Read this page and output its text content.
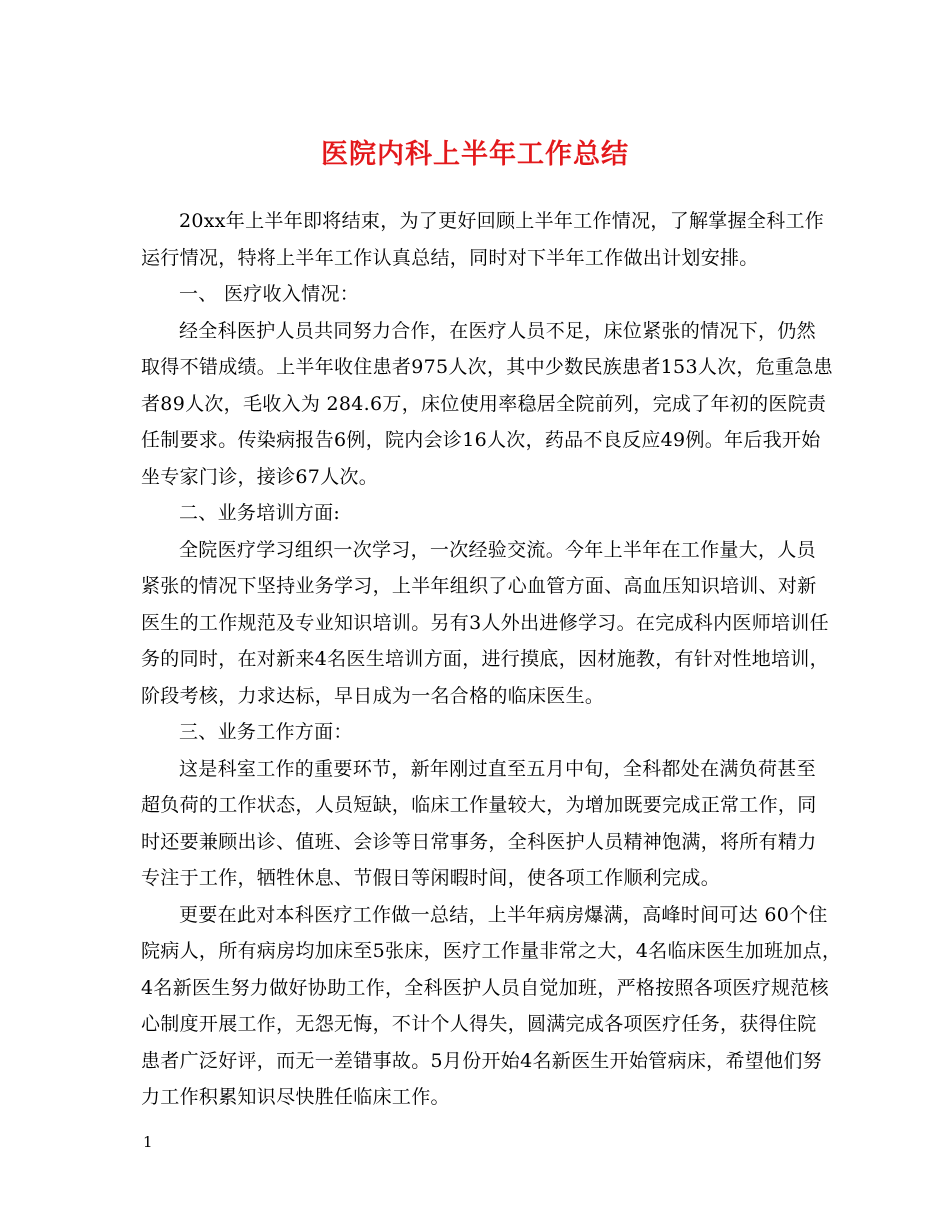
医院内科上半年工作总结
20xx年上半年即将结束，为了更好回顾上半年工作情况，了解掌握全科工作
运行情况，特将上半年工作认真总结，同时对下半年工作做出计划安排。
一、 医疗收入情况：
经全科医护人员共同努力合作，在医疗人员不足，床位紧张的情况下，仍然
取得不错成绩。上半年收住患者975人次，其中少数民族患者153人次，危重急患
者89人次，毛收入为 284.6万，床位使用率稳居全院前列，完成了年初的医院责
任制要求。传染病报告6例，院内会诊16人次，药品不良反应49例。年后我开始
坐专家门诊，接诊67人次。
二、业务培训方面:
全院医疗学习组织一次学习，一次经验交流。今年上半年在工作量大，人员
紧张的情况下坚持业务学习，上半年组织了心血管方面、高血压知识培训、对新
医生的工作规范及专业知识培训。另有3人外出进修学习。在完成科内医师培训任
务的同时，在对新来4名医生培训方面，进行摸底，因材施教，有针对性地培训，
阶段考核，力求达标，早日成为一名合格的临床医生。
三、业务工作方面：
这是科室工作的重要环节，新年刚过直至五月中旬，全科都处在满负荷甚至
超负荷的工作状态，人员短缺，临床工作量较大，为增加既要完成正常工作，同
时还要兼顾出诊、值班、会诊等日常事务，全科医护人员精神饱满，将所有精力
专注于工作，牺牲休息、节假日等闲暇时间，使各项工作顺利完成。
更要在此对本科医疗工作做一总结，上半年病房爆满，高峰时间可达 60个住
院病人，所有病房均加床至5张床，医疗工作量非常之大，4名临床医生加班加点，
4名新医生努力做好协助工作，全科医护人员自觉加班，严格按照各项医疗规范核
心制度开展工作，无怨无悔，不计个人得失，圆满完成各项医疗任务，获得住院
患者广泛好评，而无一差错事故。5月份开始4名新医生开始管病床，希望他们努
力工作积累知识尽快胜任临床工作。
1
